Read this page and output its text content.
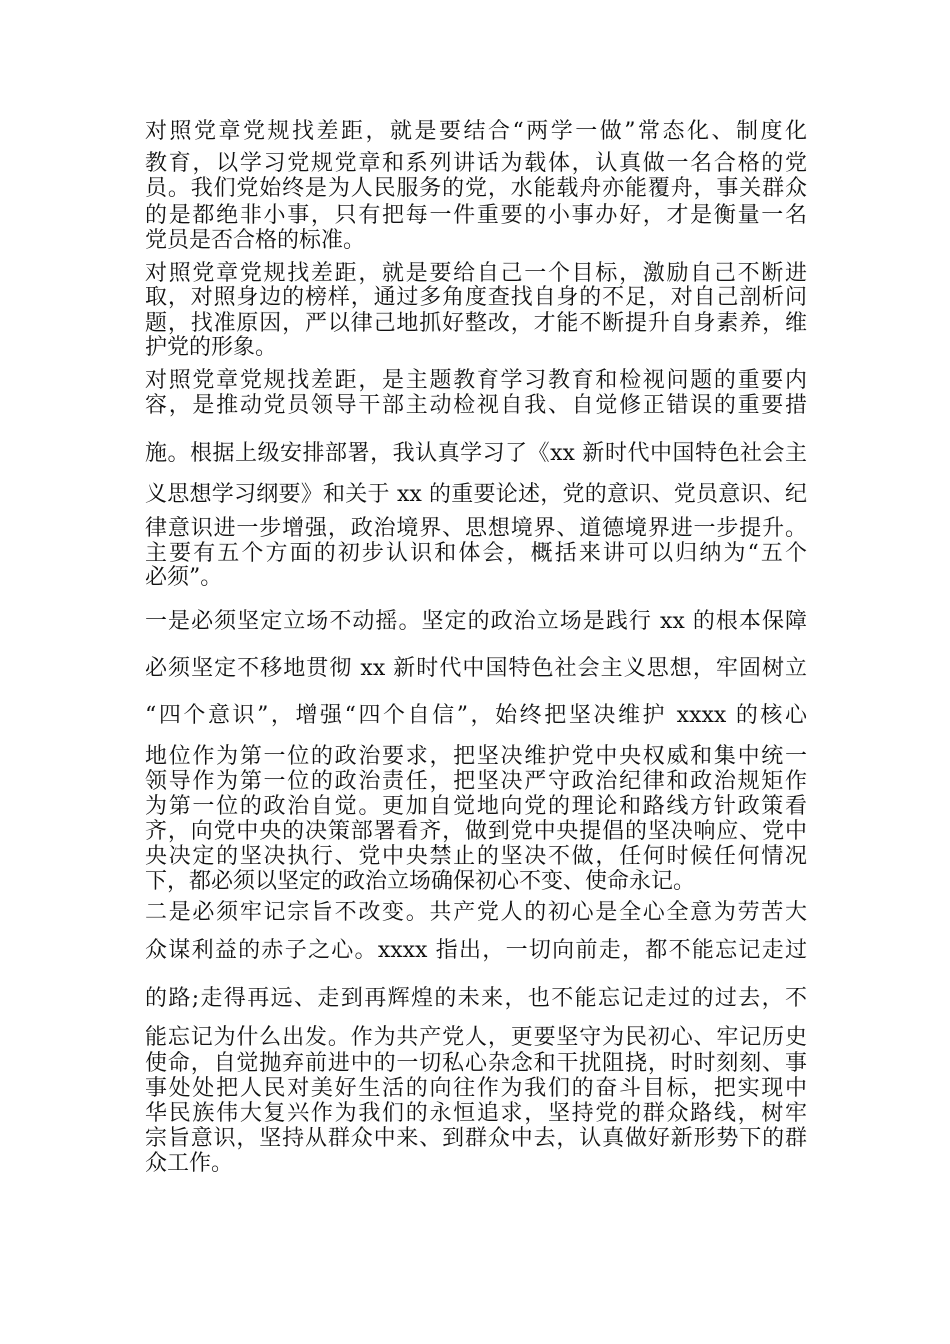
对照党章党规找差距，就是要结合“两学一做”常态化、制度化
教育，以学习党规党章和系列讲话为载体，认真做一名合格的党
员。我们党始终是为人民服务的党，水能载舟亦能覆舟，事关群众
的是都绝非小事，只有把每一件重要的小事办好，才是衡量一名
党员是否合格的标准。
对照党章党规找差距，就是要给自己一个目标，激励自己不断进
取，对照身边的榜样，通过多角度查找自身的不足，对自己剖析问
题，找准原因，严以律己地抓好整改，才能不断提升自身素养，维
护党的形象。
对照党章党规找差距，是主题教育学习教育和检视问题的重要内
容，是推动党员领导干部主动检视自我、自觉修正错误的重要措
施。根据上级安排部署，我认真学习了《xx 新时代中国特色社会主
义思想学习纲要》和关于 xx 的重要论述，党的意识、党员意识、纪
律意识进一步增强，政治境界、思想境界、道德境界进一步提升。
主要有五个方面的初步认识和体会，概括来讲可以归纳为“五个
必须”。
一是必须坚定立场不动摇。坚定的政治立场是践行 xx 的根本保障
必须坚定不移地贯彻 xx 新时代中国特色社会主义思想，牢固树立
“四个意识”，增强“四个自信”，始终把坚决维护 xxxx 的核心
地位作为第一位的政治要求，把坚决维护党中央权威和集中统一
领导作为第一位的政治责任，把坚决严守政治纪律和政治规矩作
为第一位的政治自觉。更加自觉地向党的理论和路线方针政策看
齐，向党中央的决策部署看齐，做到党中央提倡的坚决响应、党中
央决定的坚决执行、党中央禁止的坚决不做，任何时候任何情况
下，都必须以坚定的政治立场确保初心不变、使命永记。
二是必须牢记宗旨不改变。共产党人的初心是全心全意为劳苦大
众谋利益的赤子之心。xxxx 指出，一切向前走，都不能忘记走过
的路;走得再远、走到再辉煌的未来，也不能忘记走过的过去，不
能忘记为什么出发。作为共产党人，更要坚守为民初心、牢记历史
使命，自觉抛弃前进中的一切私心杂念和干扰阻挠，时时刻刻、事
事处处把人民对美好生活的向往作为我们的奋斗目标，把实现中
华民族伟大复兴作为我们的永恒追求，坚持党的群众路线，树牢
宗旨意识，坚持从群众中来、到群众中去，认真做好新形势下的群
众工作。
